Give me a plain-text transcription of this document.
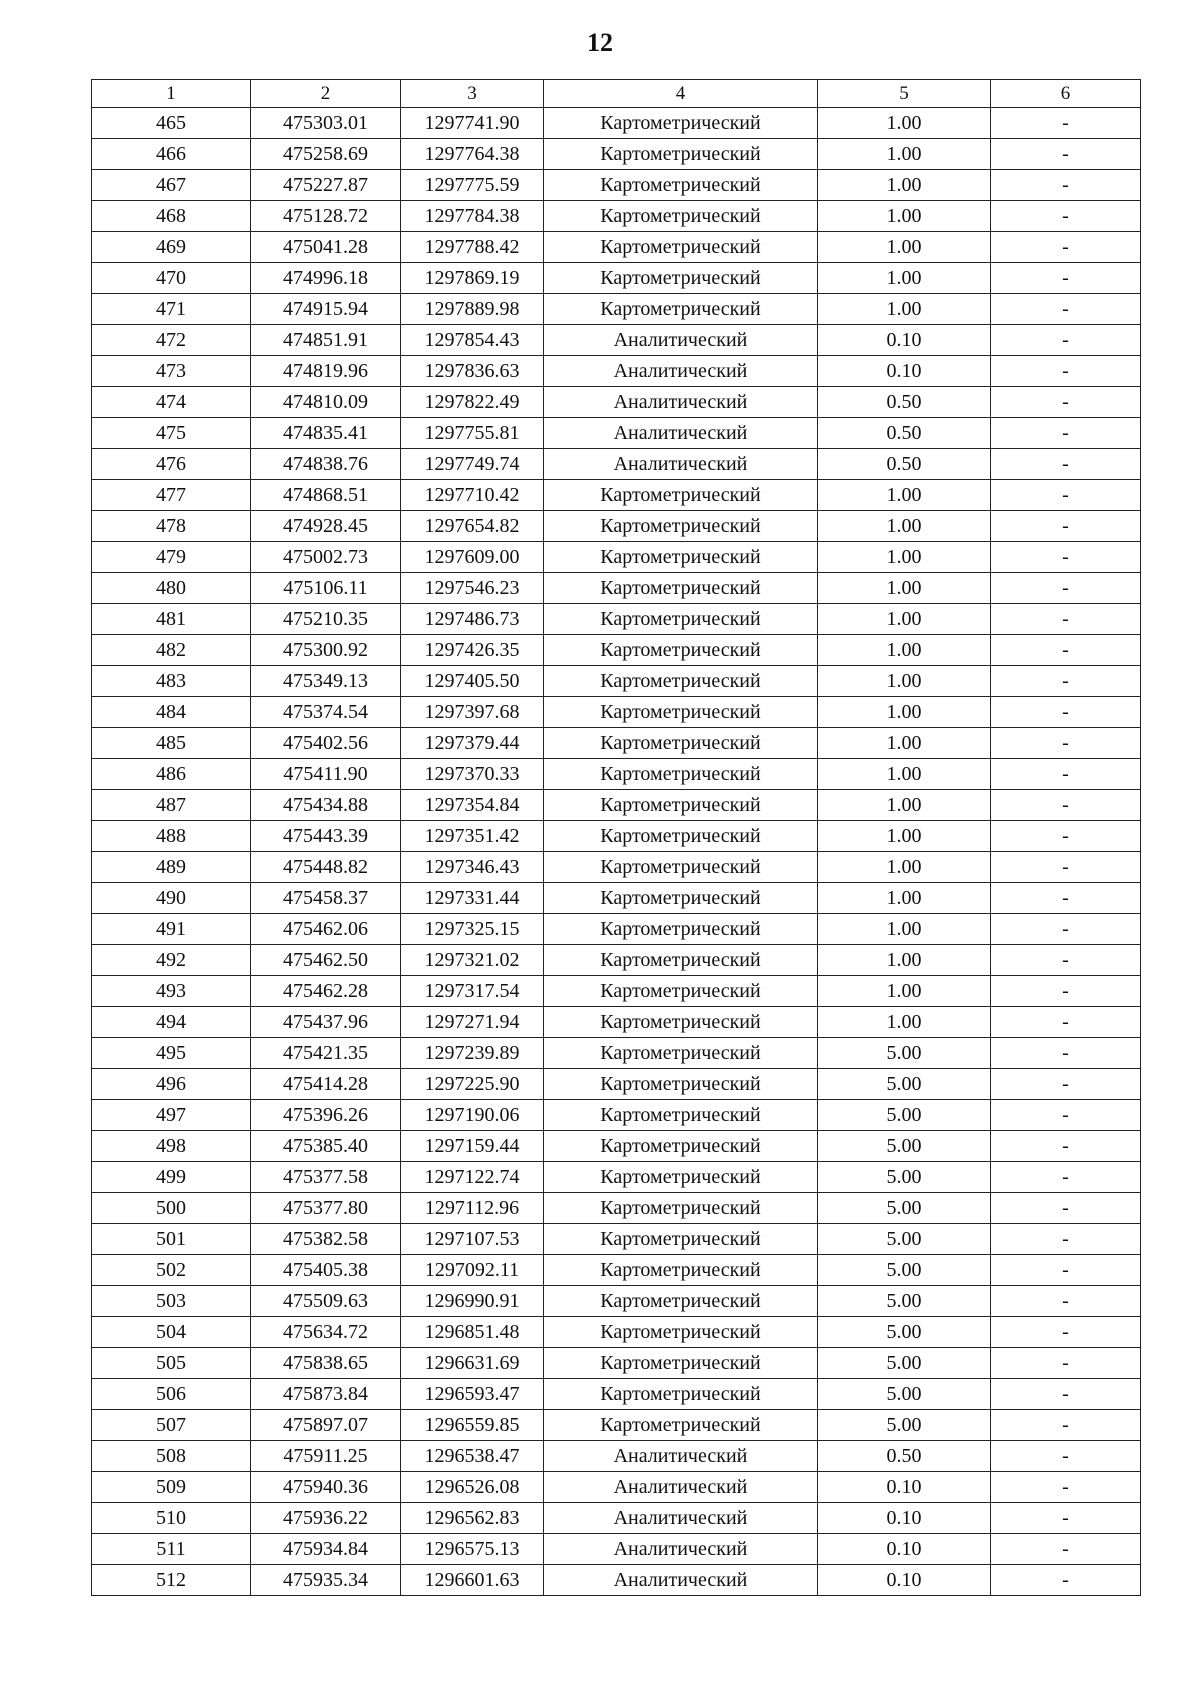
12
1	2	3	4	5	6
465	475303.01	1297741.90	Картометрический	1.00	-
466	475258.69	1297764.38	Картометрический	1.00	-
467	475227.87	1297775.59	Картометрический	1.00	-
468	475128.72	1297784.38	Картометрический	1.00	-
469	475041.28	1297788.42	Картометрический	1.00	-
470	474996.18	1297869.19	Картометрический	1.00	-
471	474915.94	1297889.98	Картометрический	1.00	-
472	474851.91	1297854.43	Аналитический	0.10	-
473	474819.96	1297836.63	Аналитический	0.10	-
474	474810.09	1297822.49	Аналитический	0.50	-
475	474835.41	1297755.81	Аналитический	0.50	-
476	474838.76	1297749.74	Аналитический	0.50	-
477	474868.51	1297710.42	Картометрический	1.00	-
478	474928.45	1297654.82	Картометрический	1.00	-
479	475002.73	1297609.00	Картометрический	1.00	-
480	475106.11	1297546.23	Картометрический	1.00	-
481	475210.35	1297486.73	Картометрический	1.00	-
482	475300.92	1297426.35	Картометрический	1.00	-
483	475349.13	1297405.50	Картометрический	1.00	-
484	475374.54	1297397.68	Картометрический	1.00	-
485	475402.56	1297379.44	Картометрический	1.00	-
486	475411.90	1297370.33	Картометрический	1.00	-
487	475434.88	1297354.84	Картометрический	1.00	-
488	475443.39	1297351.42	Картометрический	1.00	-
489	475448.82	1297346.43	Картометрический	1.00	-
490	475458.37	1297331.44	Картометрический	1.00	-
491	475462.06	1297325.15	Картометрический	1.00	-
492	475462.50	1297321.02	Картометрический	1.00	-
493	475462.28	1297317.54	Картометрический	1.00	-
494	475437.96	1297271.94	Картометрический	1.00	-
495	475421.35	1297239.89	Картометрический	5.00	-
496	475414.28	1297225.90	Картометрический	5.00	-
497	475396.26	1297190.06	Картометрический	5.00	-
498	475385.40	1297159.44	Картометрический	5.00	-
499	475377.58	1297122.74	Картометрический	5.00	-
500	475377.80	1297112.96	Картометрический	5.00	-
501	475382.58	1297107.53	Картометрический	5.00	-
502	475405.38	1297092.11	Картометрический	5.00	-
503	475509.63	1296990.91	Картометрический	5.00	-
504	475634.72	1296851.48	Картометрический	5.00	-
505	475838.65	1296631.69	Картометрический	5.00	-
506	475873.84	1296593.47	Картометрический	5.00	-
507	475897.07	1296559.85	Картометрический	5.00	-
508	475911.25	1296538.47	Аналитический	0.50	-
509	475940.36	1296526.08	Аналитический	0.10	-
510	475936.22	1296562.83	Аналитический	0.10	-
511	475934.84	1296575.13	Аналитический	0.10	-
512	475935.34	1296601.63	Аналитический	0.10	-
